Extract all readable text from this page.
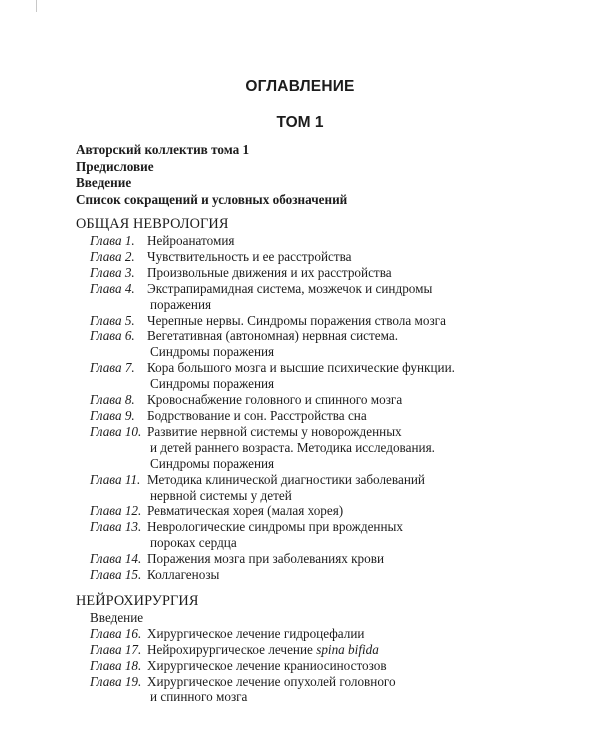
ОГЛАВЛЕНИЕ
ТОМ 1
Авторский коллектив тома 1
Предисловие
Введение
Список сокращений и условных обозначений
ОБЩАЯ НЕВРОЛОГИЯ
Глава 1. Нейроанатомия
Глава 2. Чувствительность и ее расстройства
Глава 3. Произвольные движения и их расстройства
Глава 4. Экстрапирамидная система, мозжечок и синдромы
поражения
Глава 5. Черепные нервы. Синдромы поражения ствола мозга
Глава 6. Вегетативная (автономная) нервная система.
Синдромы поражения
Глава 7. Кора большого мозга и высшие психические функции.
Синдромы поражения
Глава 8. Кровоснабжение головного и спинного мозга
Глава 9. Бодрствование и сон. Расстройства сна
Глава 10. Развитие нервной системы у новорожденных
и детей раннего возраста. Методика исследования.
Синдромы поражения
Глава 11. Методика клинической диагностики заболеваний
нервной системы у детей
Глава 12. Ревматическая хорея (малая хорея)
Глава 13. Неврологические синдромы при врожденных
пороках сердца
Глава 14. Поражения мозга при заболеваниях крови
Глава 15. Коллагенозы
НЕЙРОХИРУРГИЯ
Введение
Глава 16. Хирургическое лечение гидроцефалии
Глава 17. Нейрохирургическое лечение spina bifida
Глава 18. Хирургическое лечение краниосиностозов
Глава 19. Хирургическое лечение опухолей головного
и спинного мозга
